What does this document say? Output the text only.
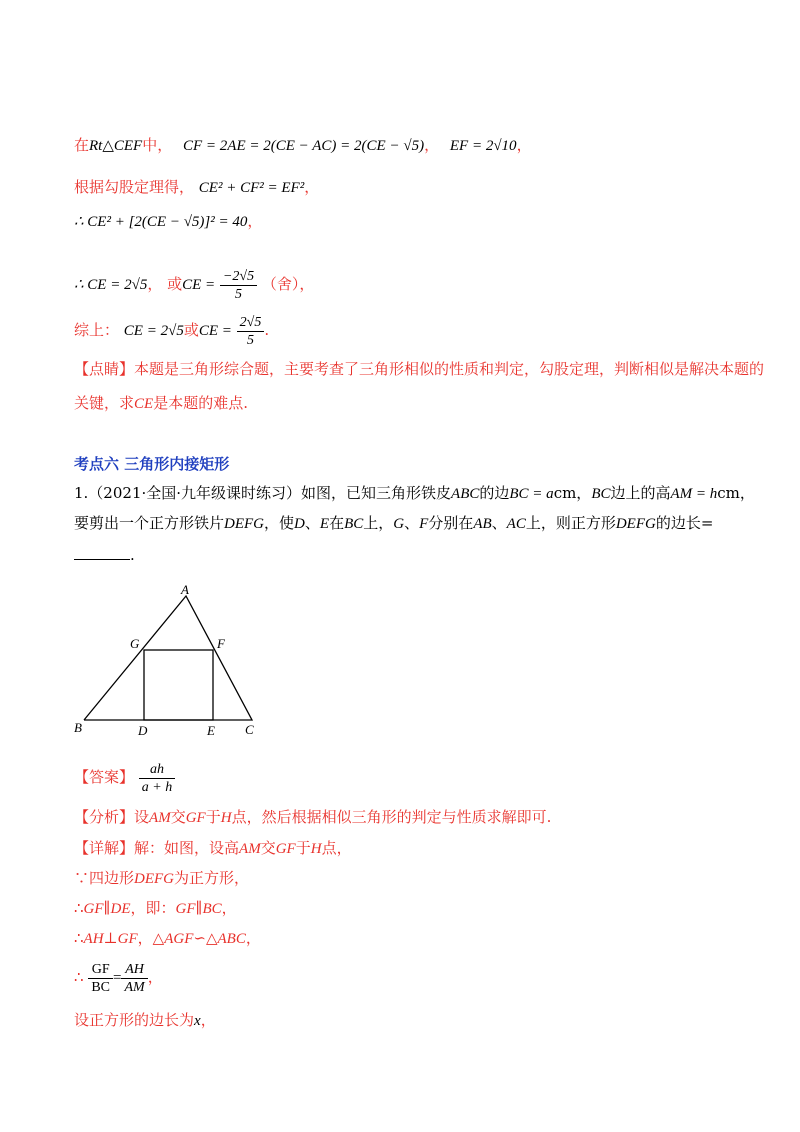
在Rt△CEF中， CF = 2AE = 2(CE − AC) = 2(CE − √5)， EF = 2√10，
根据勾股定理得， CE² + CF² = EF²，
∴ CE² + [2(CE − √5)]² = 40，
∴ CE = 2√5， 或CE = $\frac{-2√5}{5}$ （舍），
综上： CE = 2√5或CE = $\frac{2√5}{5}$ .
【点睛】本题是三角形综合题，主要考查了三角形相似的性质和判定，勾股定理，判断相似是解决本题的
关键，求CE是本题的难点.
考点六 三角形内接矩形
1.（2021·全国·九年级课时练习）如图，已知三角形铁皮ABC的边BC = acm，BC边上的高AM = hcm，
要剪出一个正方形铁片DEFG，使D、E在BC上，G、F分别在AB、AC上，则正方形DEFG的边长=
.
A
B	C
D	E
F
G
【答案】 $\frac{ah}{a + h}$
【分析】设AM交GF于H点，然后根据相似三角形的判定与性质求解即可.
【详解】解：如图，设高AM交GF于H点，
∵四边形DEFG为正方形，
∴GF∥DE，即：GF∥BC，
∴AH⊥GF，△AGF∽△ABC，
∴ $\frac{GF}{BC} = \frac{AH}{AM}$ ，
设正方形的边长为x，
